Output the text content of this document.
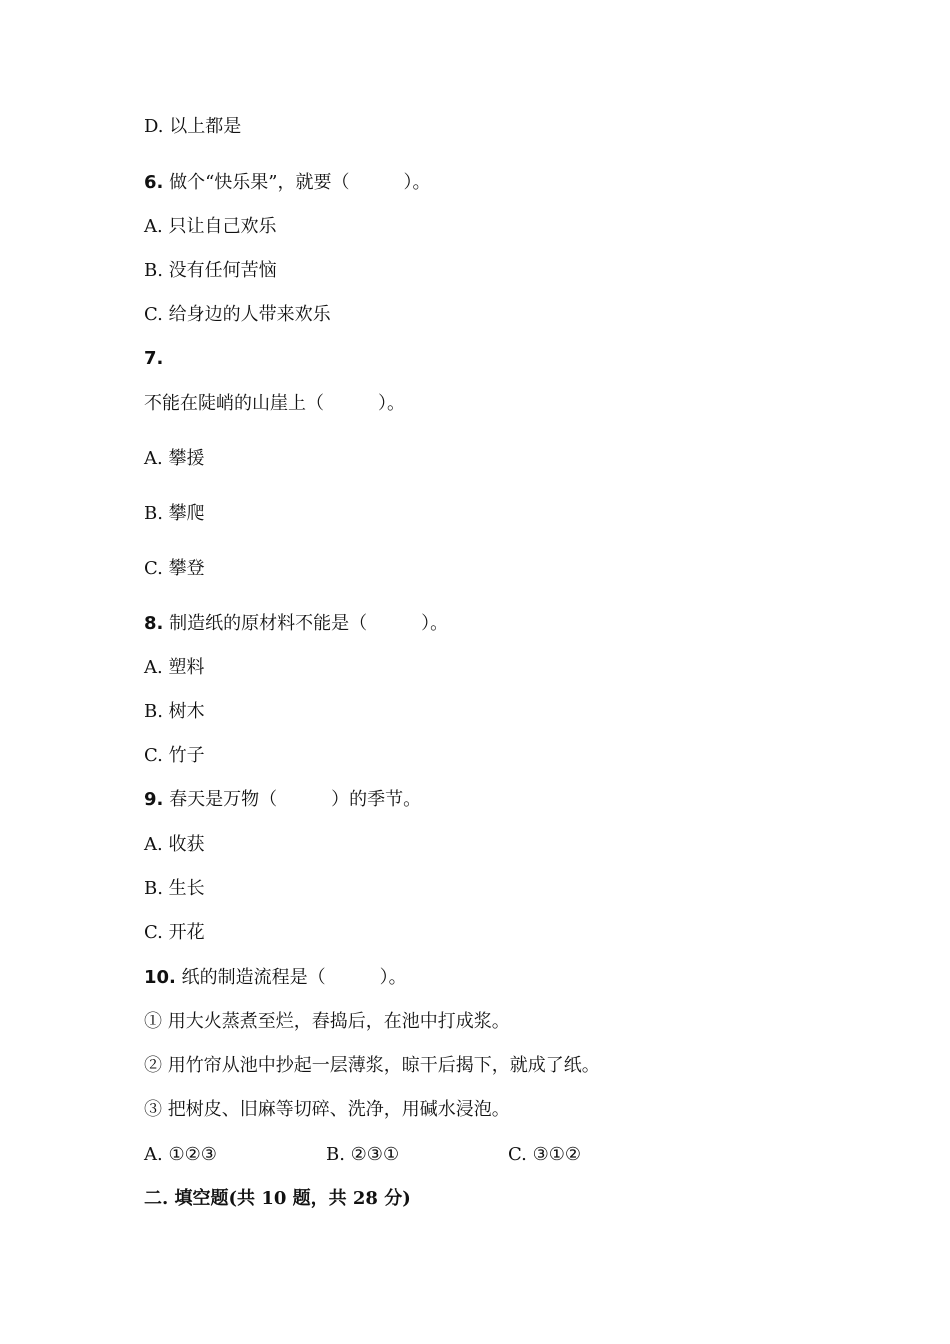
D. 以上都是
6. 做个“快乐果”，就要（　　　）。
A. 只让自己欢乐
B. 没有任何苦恼
C. 给身边的人带来欢乐
7.
不能在陡峭的山崖上（　　　）。
A. 攀援
B. 攀爬
C. 攀登
8. 制造纸的原材料不能是（　　　）。
A. 塑料
B. 树木
C. 竹子
9. 春天是万物（　　　）的季节。
A. 收获
B. 生长
C. 开花
10. 纸的制造流程是（　　　）。
① 用大火蒸煮至烂，舂捣后，在池中打成浆。
② 用竹帘从池中抄起一层薄浆，晾干后揭下，就成了纸。
③ 把树皮、旧麻等切碎、洗净，用碱水浸泡。

A. ①②③

	B. ②③①

	C. ③①②

二. 填空题(共 10 题，共 28 分)
